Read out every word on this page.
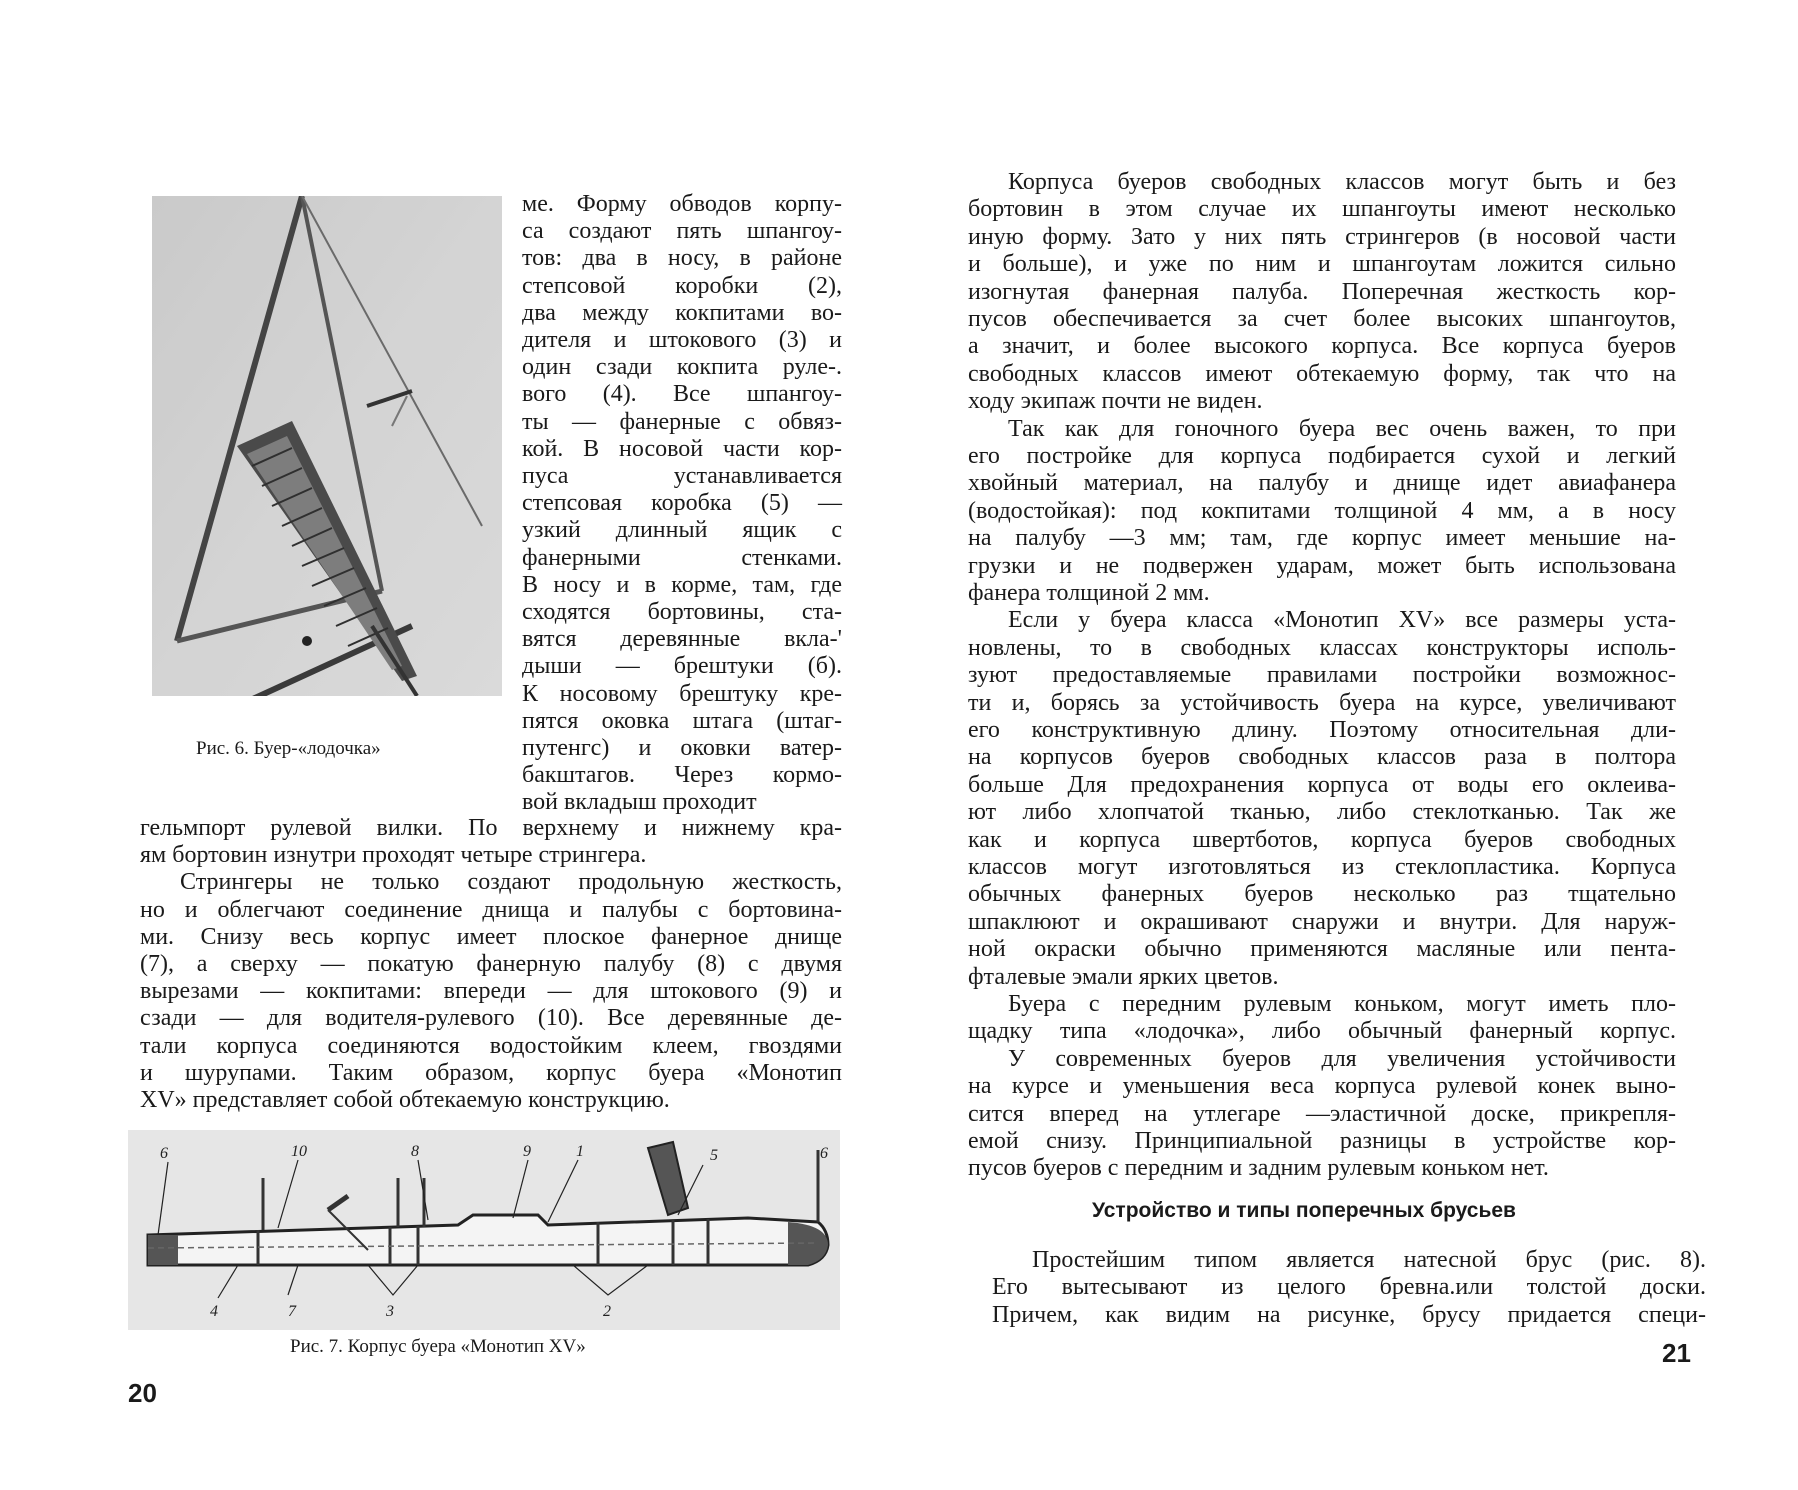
Рис. 6. Буер-«лодочка»
ме. Форму обводов корпу-
са создают пять шпангоу-
тов: два в носу, в районе
степсовой коробки (2),
два между кокпитами во-
дителя и штокового (3) и
один сзади кокпита руле-.
вого (4). Все шпангоу-
ты — фанерные с обвяз-
кой. В носовой части кор-
пуса устанавливается
степсовая коробка (5) —
узкий длинный ящик с
фанерными стенками.
В носу и в корме, там, где
сходятся бортовины, ста-
вятся деревянные вкла-'
дыши — брештуки (б).
К носовому брештуку кре-
пятся оковка штага (штаг-
путенгс) и оковки ватер-
бакштагов. Через кормо-
вой вкладыш проходит
гельмпорт рулевой вилки. По верхнему и нижнему кра-
ям бортовин изнутри проходят четыре стрингера.
Стрингеры не только создают продольную жесткость,
но и облегчают соединение днища и палубы с бортовина-
ми. Снизу весь корпус имеет плоское фанерное днище
(7), а сверху — покатую фанерную палубу (8) с двумя
вырезами — кокпитами: впереди — для штокового (9) и
сзади — для водителя-рулевого (10). Все деревянные де-
тали корпуса соединяются водостойким клеем, гвоздями
и шурупами. Таким образом, корпус буера «Монотип
XV» представляет собой обтекаемую конструкцию.
6	10	8	9	1	5	6
4	7	3	2
Рис. 7. Корпус буера «Монотип XV»
20
Корпуса буеров свободных классов могут быть и без
бортовин в этом случае их шпангоуты имеют несколько
иную форму. Зато у них пять стрингеров (в носовой части
и больше), и уже по ним и шпангоутам ложится сильно
изогнутая фанерная палуба. Поперечная жесткость кор-
пусов обеспечивается за счет более высоких шпангоутов,
а значит, и более высокого корпуса. Все корпуса буеров
свободных классов имеют обтекаемую форму, так что на
ходу экипаж почти не виден.
Так как для гоночного буера вес очень важен, то при
его постройке для корпуса подбирается сухой и легкий
хвойный материал, на палубу и днище идет авиафанера
(водостойкая): под кокпитами толщиной 4 мм, а в носу
на палубу —3 мм; там, где корпус имеет меньшие на-
грузки и не подвержен ударам, может быть использована
фанера толщиной 2 мм.
Если у буера класса «Монотип XV» все размеры уста-
новлены, то в свободных классах конструкторы исполь-
зуют предоставляемые правилами постройки возможнос-
ти и, борясь за устойчивость буера на курсе, увеличивают
его конструктивную длину. Поэтому относительная дли-
на корпусов буеров свободных классов раза в полтора
больше Для предохранения корпуса от воды его оклеива-
ют либо хлопчатой тканью, либо стеклотканью. Так же
как и корпуса швертботов, корпуса буеров свободных
классов могут изготовляться из стеклопластика. Корпуса
обычных фанерных буеров несколько раз тщательно
шпаклюют и окрашивают снаружи и внутри. Для наруж-
ной окраски обычно применяются масляные или пента-
фталевые эмали ярких цветов.
Буера с передним рулевым коньком, могут иметь пло-
щадку типа «лодочка», либо обычный фанерный корпус.
У современных буеров для увеличения устойчивости
на курсе и уменьшения веса корпуса рулевой конек выно-
сится вперед на утлегаре —эластичной доске, прикрепля-
емой снизу. Принципиальной разницы в устройстве кор-
пусов буеров с передним и задним рулевым коньком нет.
Устройство и типы поперечных брусьев
Простейшим типом является натесной брус (рис. 8).
Его вытесывают из целого бревна.или толстой доски.
Причем, как видим на рисунке, брусу придается специ-
21
